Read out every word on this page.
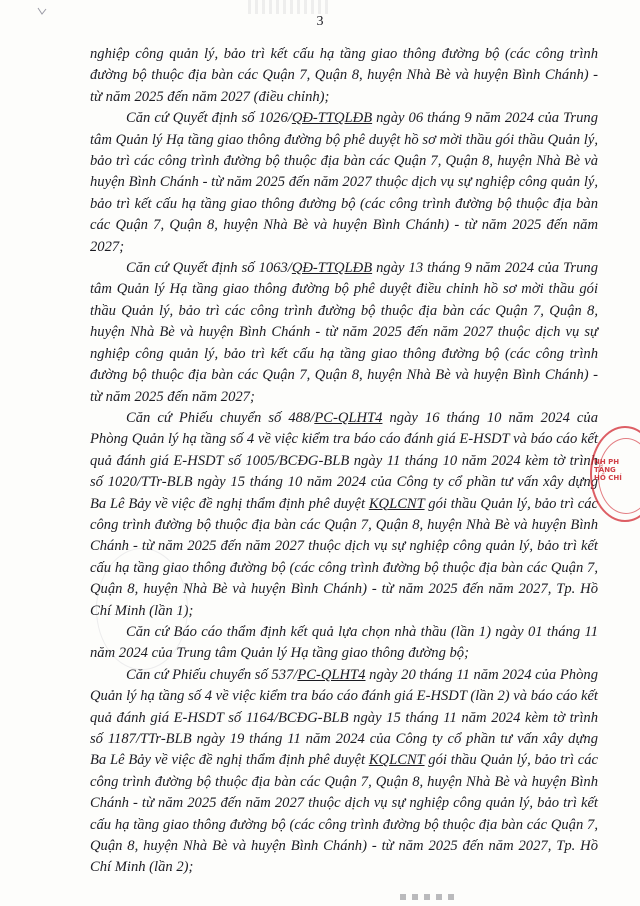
3

nghiệp công quản lý, bảo trì kết cấu hạ tầng giao thông đường bộ (các công trình đường bộ thuộc địa bàn các Quận 7, Quận 8, huyện Nhà Bè và huyện Bình Chánh) - từ năm 2025 đến năm 2027 (điều chỉnh);

Căn cứ Quyết định số 1026/QĐ-TTQLĐB ngày 06 tháng 9 năm 2024 của Trung tâm Quản lý Hạ tầng giao thông đường bộ phê duyệt hồ sơ mời thầu gói thầu Quản lý, bảo trì các công trình đường bộ thuộc địa bàn các Quận 7, Quận 8, huyện Nhà Bè và huyện Bình Chánh - từ năm 2025 đến năm 2027 thuộc dịch vụ sự nghiệp công quản lý, bảo trì kết cấu hạ tầng giao thông đường bộ (các công trình đường bộ thuộc địa bàn các Quận 7, Quận 8, huyện Nhà Bè và huyện Bình Chánh) - từ năm 2025 đến năm 2027;

Căn cứ Quyết định số 1063/QĐ-TTQLĐB ngày 13 tháng 9 năm 2024 của Trung tâm Quản lý Hạ tầng giao thông đường bộ phê duyệt điều chỉnh hồ sơ mời thầu gói thầu Quản lý, bảo trì các công trình đường bộ thuộc địa bàn các Quận 7, Quận 8, huyện Nhà Bè và huyện Bình Chánh - từ năm 2025 đến năm 2027 thuộc dịch vụ sự nghiệp công quản lý, bảo trì kết cấu hạ tầng giao thông đường bộ (các công trình đường bộ thuộc địa bàn các Quận 7, Quận 8, huyện Nhà Bè và huyện Bình Chánh) - từ năm 2025 đến năm 2027;

Căn cứ Phiếu chuyển số 488/PC-QLHT4 ngày 16 tháng 10 năm 2024 của Phòng Quản lý hạ tầng số 4 về việc kiểm tra báo cáo đánh giá E-HSDT và báo cáo kết quả đánh giá E-HSDT số 1005/BCĐG-BLB ngày 11 tháng 10 năm 2024 kèm tờ trình số 1020/TTr-BLB ngày 15 tháng 10 năm 2024 của Công ty cổ phần tư vấn xây dựng Ba Lê Bảy về việc đề nghị thẩm định phê duyệt KQLCNT gói thầu Quản lý, bảo trì các công trình đường bộ thuộc địa bàn các Quận 7, Quận 8, huyện Nhà Bè và huyện Bình Chánh - từ năm 2025 đến năm 2027 thuộc dịch vụ sự nghiệp công quản lý, bảo trì kết cấu hạ tầng giao thông đường bộ (các công trình đường bộ thuộc địa bàn các Quận 7, Quận 8, huyện Nhà Bè và huyện Bình Chánh) - từ năm 2025 đến năm 2027, Tp. Hồ Chí Minh (lần 1);

Căn cứ Báo cáo thẩm định kết quả lựa chọn nhà thầu (lần 1) ngày 01 tháng 11 năm 2024 của Trung tâm Quản lý Hạ tầng giao thông đường bộ;

Căn cứ Phiếu chuyển số 537/PC-QLHT4 ngày 20 tháng 11 năm 2024 của Phòng Quản lý hạ tầng số 4 về việc kiểm tra báo cáo đánh giá E-HSDT (lần 2) và báo cáo kết quả đánh giá E-HSDT số 1164/BCĐG-BLB ngày 15 tháng 11 năm 2024 kèm tờ trình số 1187/TTr-BLB ngày 19 tháng 11 năm 2024 của Công ty cổ phần tư vấn xây dựng Ba Lê Bảy về việc đề nghị thẩm định phê duyệt KQLCNT gói thầu Quản lý, bảo trì các công trình đường bộ thuộc địa bàn các Quận 7, Quận 8, huyện Nhà Bè và huyện Bình Chánh - từ năm 2025 đến năm 2027 thuộc dịch vụ sự nghiệp công quản lý, bảo trì kết cấu hạ tầng giao thông đường bộ (các công trình đường bộ thuộc địa bàn các Quận 7, Quận 8, huyện Nhà Bè và huyện Bình Chánh) - từ năm 2025 đến năm 2027, Tp. Hồ Chí Minh (lần 2);

NH PH TẦNG HỒ CHÍ
